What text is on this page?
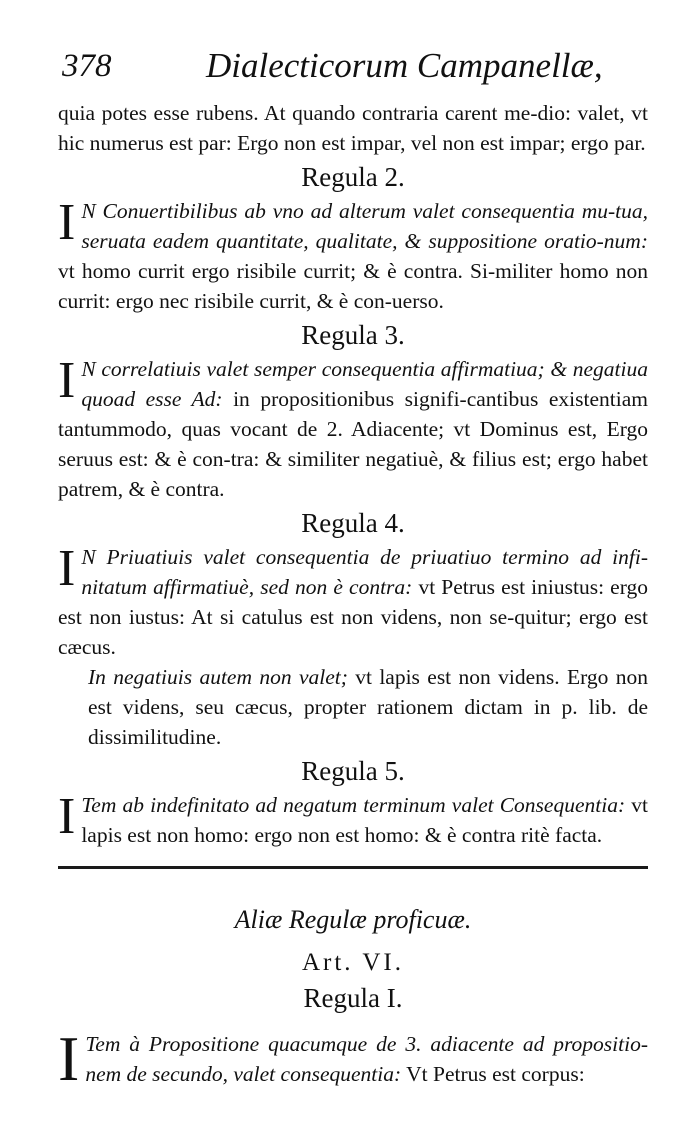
378	Dialecticorum Campanellæ,

quia potes esse rubens. At quando contraria carent me-dio: valet, vt hic numerus est par: Ergo non est impar, vel non est impar; ergo par.

Regula 2.

I N Conuertibilibus ab vno ad alterum valet consequentia mu-tua, seruata eadem quantitate, qualitate, & suppositione oratio-num: vt homo currit ergo risibile currit; & è contra. Si-militer homo non currit: ergo nec risibile currit, & è con-uerso.

Regula 3.

I N correlatiuis valet semper consequentia affirmatiua; & negatiua quoad esse Ad: in propositionibus signifi-cantibus existentiam tantummodo, quas vocant de 2. Adiacente; vt Dominus est, Ergo seruus est: & è con-tra: & similiter negatiuè, & filius est; ergo habet patrem, & è contra.

Regula 4.

I N Priuatiuis valet consequentia de priuatiuo termino ad infi-nitatum affirmatiuè, sed non è contra: vt Petrus est iniustus: ergo est non iustus: At si catulus est non videns, non se-quitur; ergo est cæcus.

In negatiuis autem non valet; vt lapis est non videns. Ergo non est videns, seu cæcus, propter rationem dictam in p. lib. de dissimilitudine.

Regula 5.

I Tem ab indefinitato ad negatum terminum valet Consequentia: vt lapis est non homo: ergo non est homo: & è contra ritè facta.

Aliæ Regulæ proficuæ.
Art. VI.
Regula I.

I Tem à Propositione quacumque de 3. adiacente ad propositio-nem de secundo, valet consequentia: Vt Petrus est corpus:
